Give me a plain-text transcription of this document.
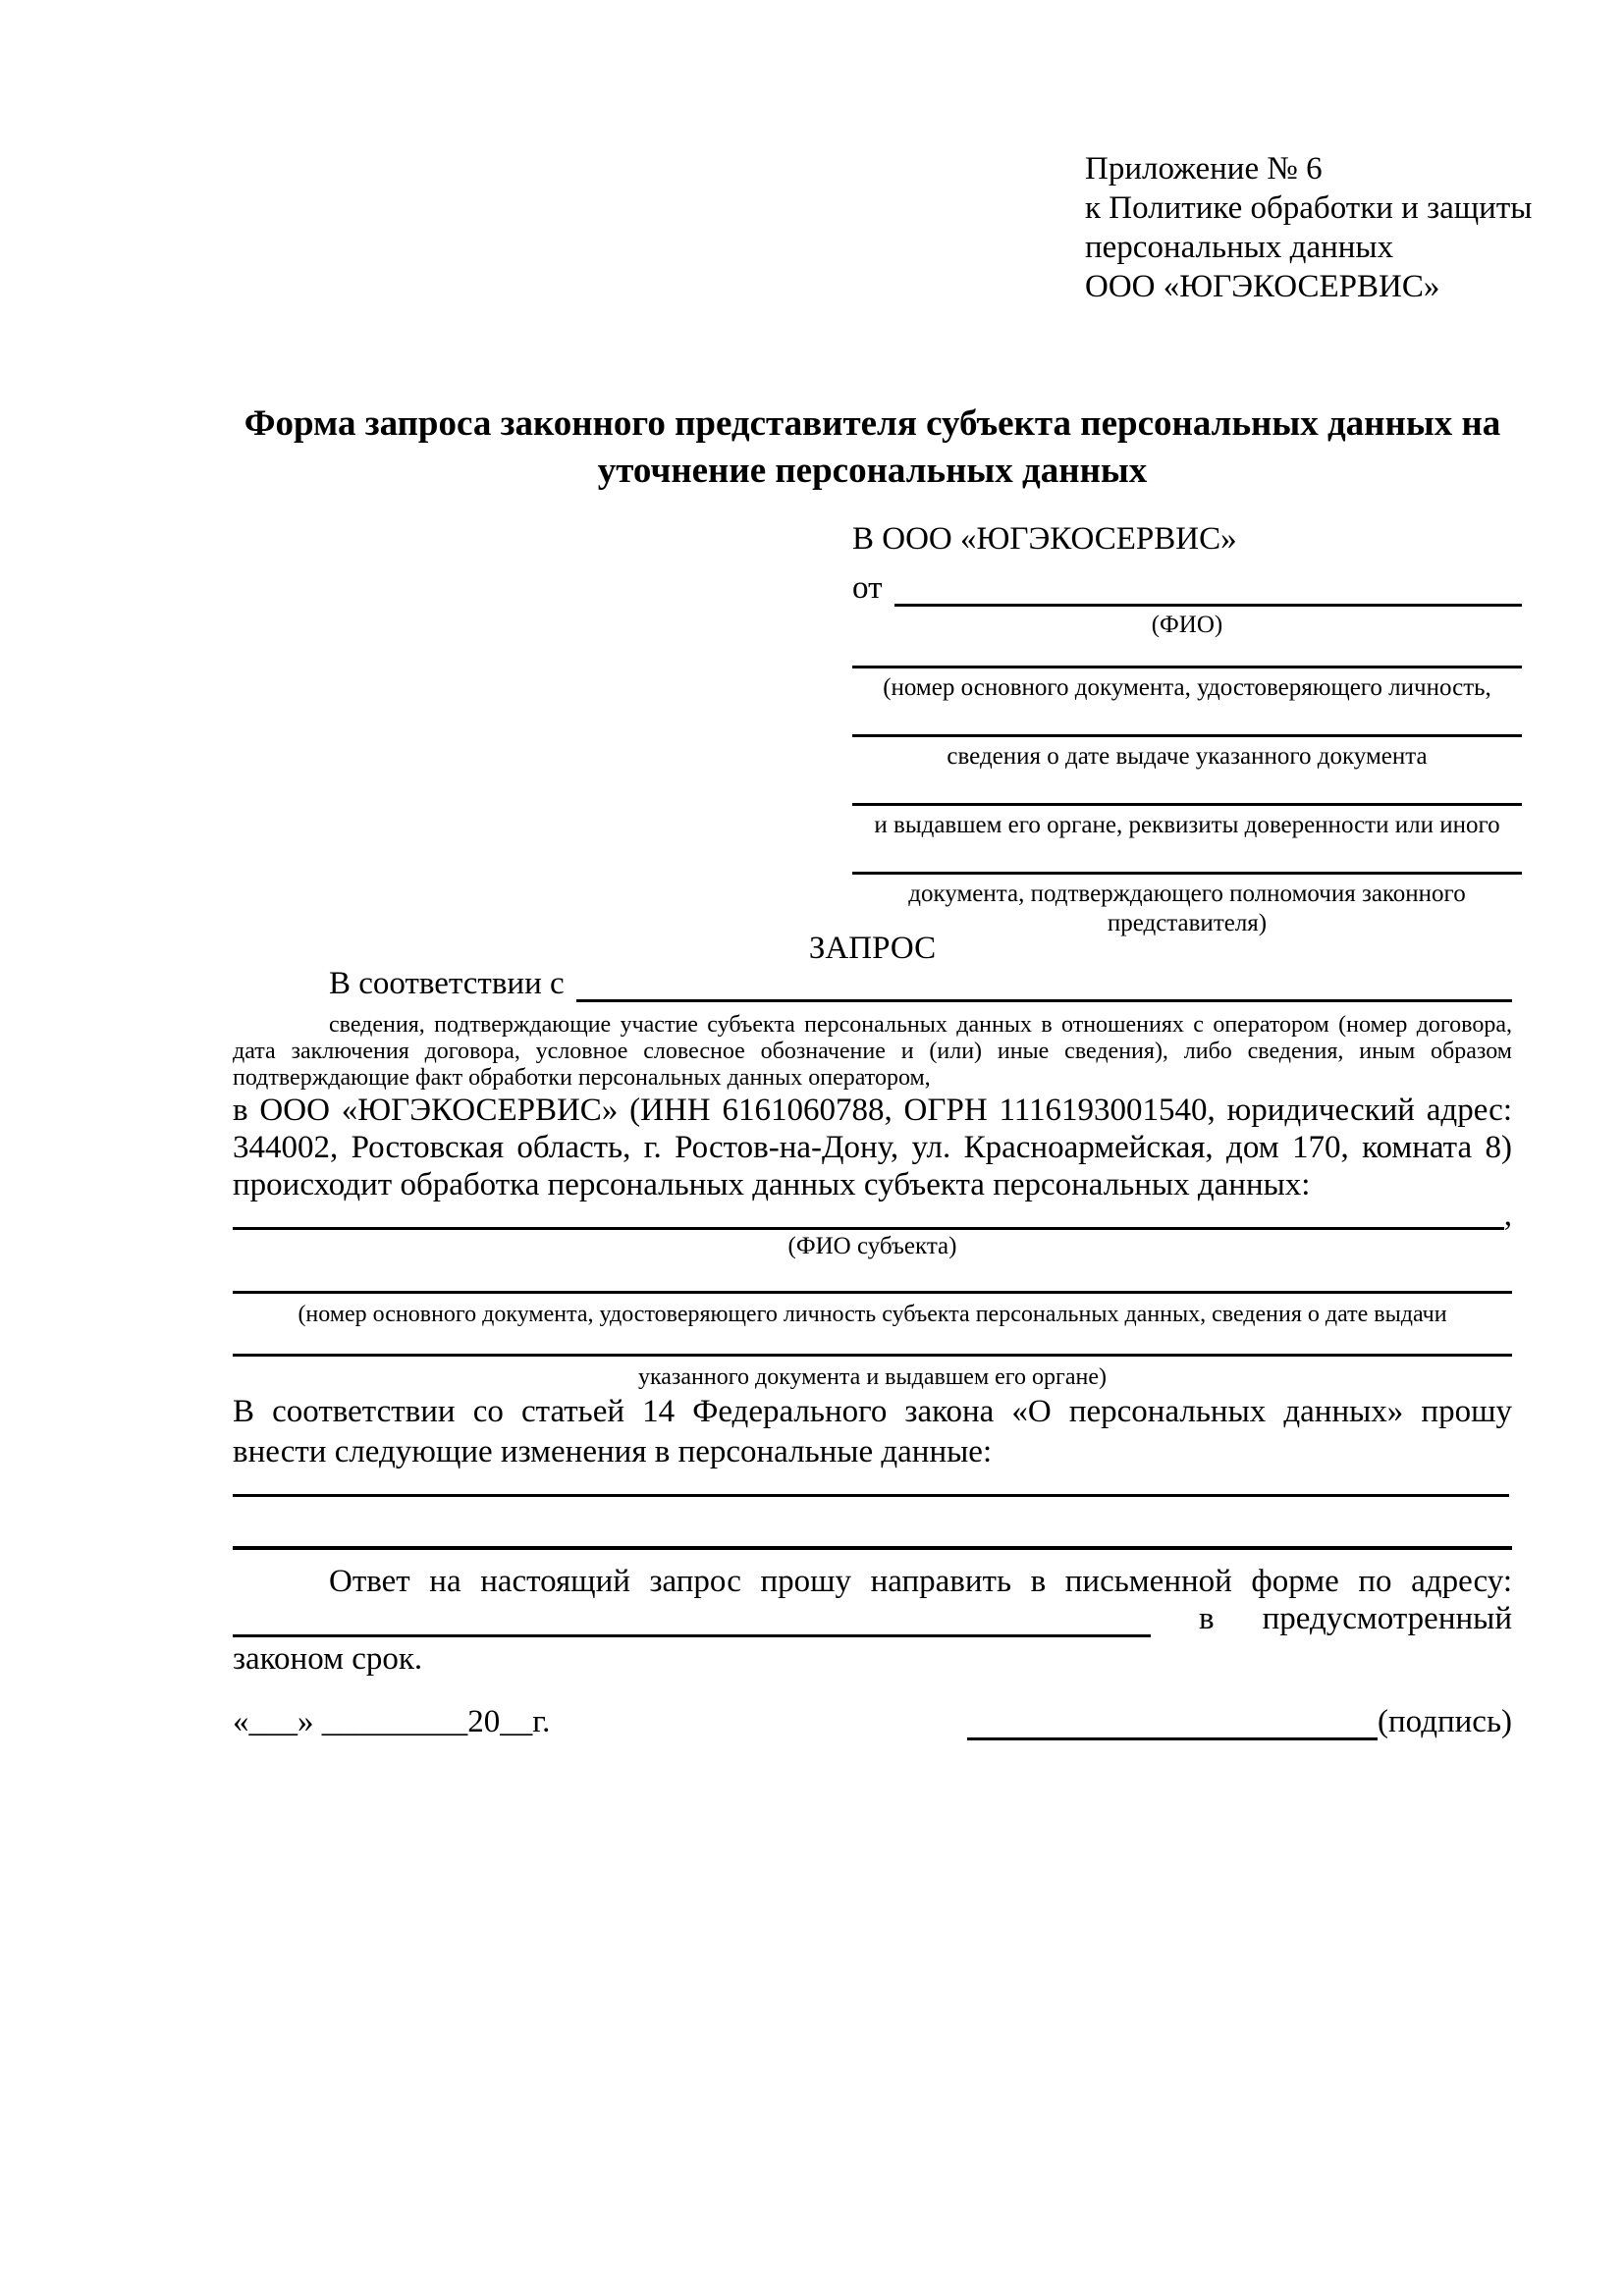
Приложение № 6
к Политике обработки и защиты
персональных данных
ООО «ЮГЭКОСЕРВИС»
Форма запроса законного представителя субъекта персональных данных на уточнение персональных данных
В ООО «ЮГЭКОСЕРВИС»
от
(ФИО)
(номер основного документа, удостоверяющего личность,
сведения о дате выдаче указанного документа
и выдавшем его органе, реквизиты доверенности или иного
документа, подтверждающего полномочия законного представителя)
ЗАПРОС
В соответствии с
сведения, подтверждающие участие субъекта персональных данных в отношениях с оператором (номер договора, дата заключения договора, условное словесное обозначение и (или) иные сведения), либо сведения, иным образом подтверждающие факт обработки персональных данных оператором,
в ООО «ЮГЭКОСЕРВИС» (ИНН 6161060788, ОГРН 1116193001540, юридический адрес: 344002, Ростовская область, г. Ростов-на-Дону, ул. Красноармейская, дом 170, комната 8) происходит обработка персональных данных субъекта персональных данных:
,
(ФИО субъекта)
(номер основного документа, удостоверяющего личность субъекта персональных данных, сведения о дате выдачи
указанного документа и выдавшем его органе)
В соответствии со статьей 14 Федерального закона «О персональных данных» прошу внести следующие изменения в персональные данные:
Ответ на настоящий запрос прошу направить в письменной форме по адресу:
в предусмотренный
законом срок.
«___» _________20__г.	(подпись)
